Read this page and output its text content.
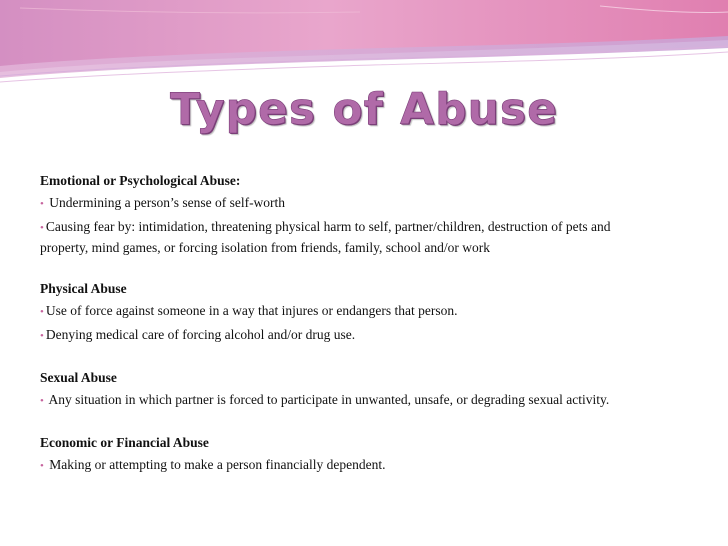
Types of Abuse
Emotional or Psychological Abuse:
• Undermining a person’s sense of self-worth
• Causing fear by: intimidation, threatening physical harm to self, partner/children, destruction of pets and property, mind games, or forcing isolation from friends, family, school and/or work
Physical Abuse
• Use of force against someone in a way that injures or endangers that person.
• Denying medical care of forcing alcohol and/or drug use.
Sexual Abuse
• Any situation in which partner is forced to participate in unwanted, unsafe, or degrading sexual activity.
Economic or Financial Abuse
• Making or attempting to make a person financially dependent.
